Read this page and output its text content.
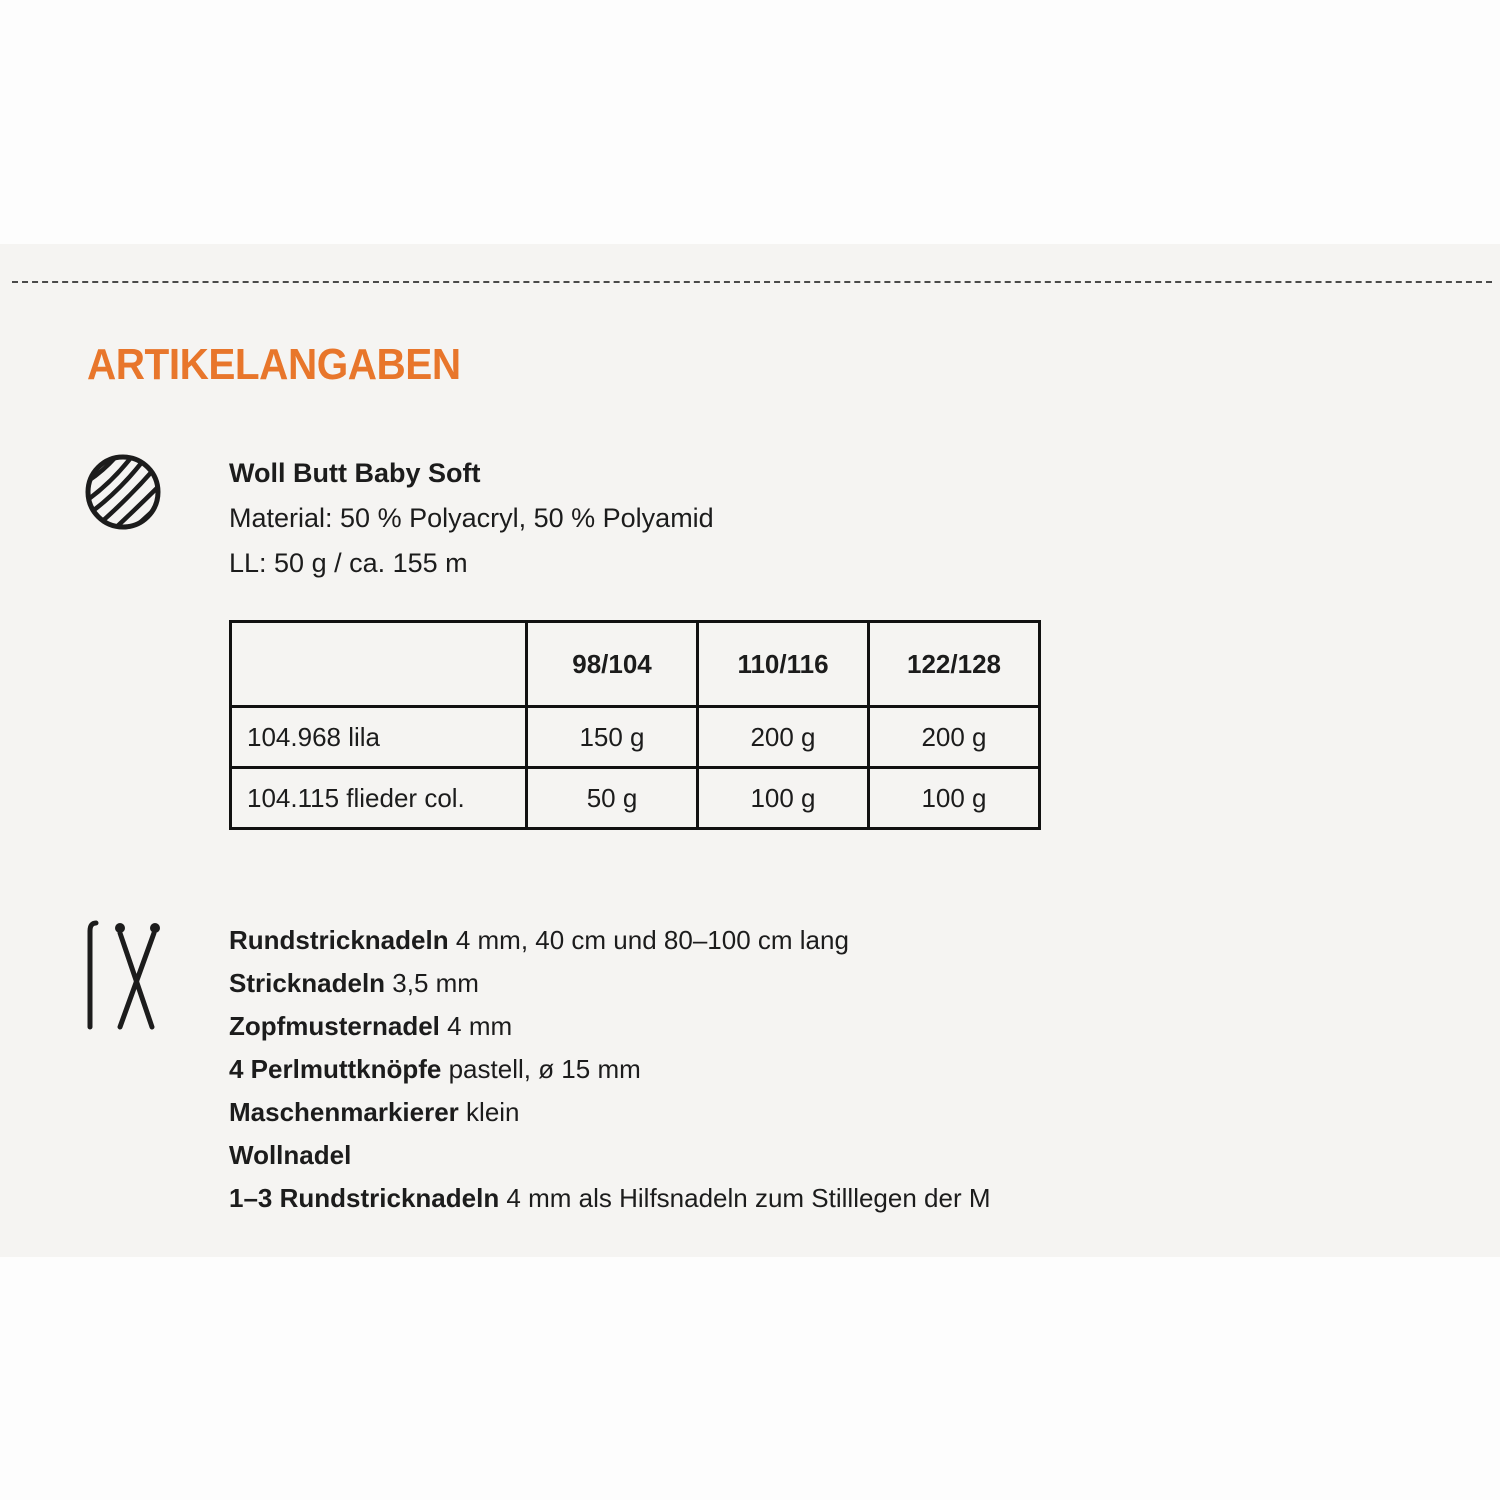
ARTIKELANGABEN
Woll Butt Baby Soft
Material: 50 % Polyacryl, 50 % Polyamid
LL: 50 g / ca. 155 m
	98/104	110/116	122/128
104.968 lila	150 g	200 g	200 g
104.115 flieder col.	50 g	100 g	100 g
Rundstricknadeln 4 mm, 40 cm und 80–100 cm lang
Stricknadeln 3,5 mm
Zopfmusternadel 4 mm
4 Perlmuttknöpfe pastell, ø 15 mm
Maschenmarkierer klein
Wollnadel
1–3 Rundstricknadeln 4 mm als Hilfsnadeln zum Stilllegen der M
